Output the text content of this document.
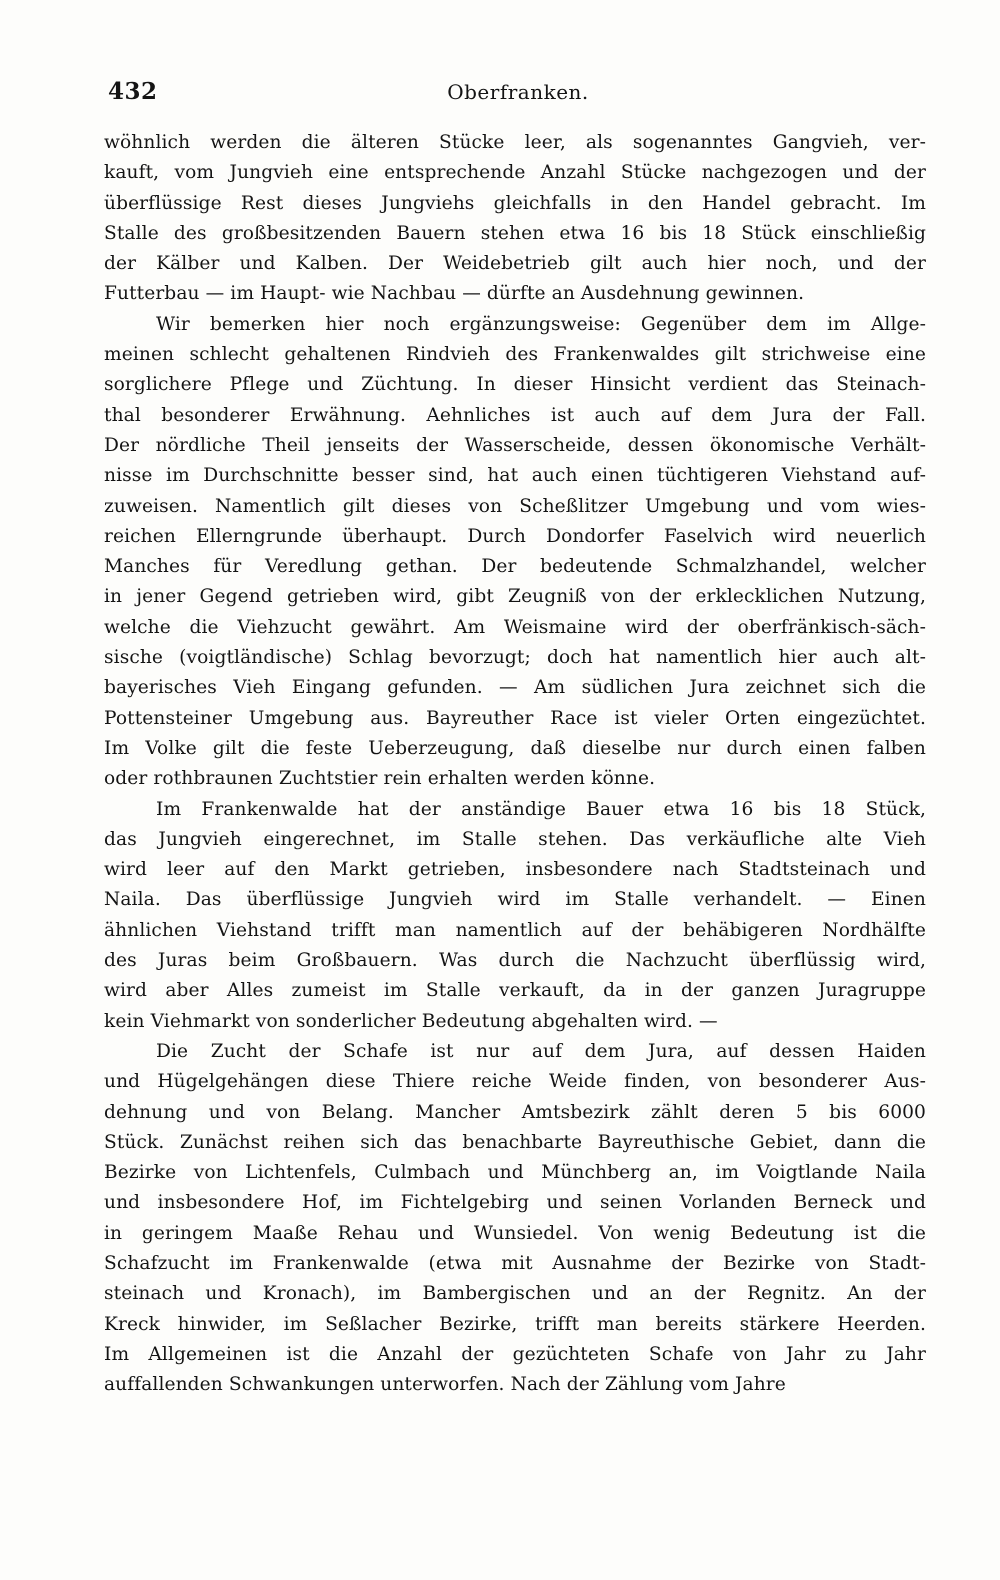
432	Oberfranken.
wöhnlich werden die älteren Stücke leer, als sogenanntes Gangvieh, ver-
kauft, vom Jungvieh eine entsprechende Anzahl Stücke nachgezogen und der
überflüssige Rest dieses Jungviehs gleichfalls in den Handel gebracht. Im
Stalle des großbesitzenden Bauern stehen etwa 16 bis 18 Stück einschließig
der Kälber und Kalben. Der Weidebetrieb gilt auch hier noch, und der
Futterbau — im Haupt- wie Nachbau — dürfte an Ausdehnung gewinnen.
Wir bemerken hier noch ergänzungsweise: Gegenüber dem im Allge-
meinen schlecht gehaltenen Rindvieh des Frankenwaldes gilt strichweise eine
sorglichere Pflege und Züchtung. In dieser Hinsicht verdient das Steinach-
thal besonderer Erwähnung. Aehnliches ist auch auf dem Jura der Fall.
Der nördliche Theil jenseits der Wasserscheide, dessen ökonomische Verhält-
nisse im Durchschnitte besser sind, hat auch einen tüchtigeren Viehstand auf-
zuweisen. Namentlich gilt dieses von Scheßlitzer Umgebung und vom wies-
reichen Ellerngrunde überhaupt. Durch Dondorfer Faselvich wird neuerlich
Manches für Veredlung gethan. Der bedeutende Schmalzhandel, welcher
in jener Gegend getrieben wird, gibt Zeugniß von der erklecklichen Nutzung,
welche die Viehzucht gewährt. Am Weismaine wird der oberfränkisch-säch-
sische (voigtländische) Schlag bevorzugt; doch hat namentlich hier auch alt-
bayerisches Vieh Eingang gefunden. — Am südlichen Jura zeichnet sich die
Pottensteiner Umgebung aus. Bayreuther Race ist vieler Orten eingezüchtet.
Im Volke gilt die feste Ueberzeugung, daß dieselbe nur durch einen falben
oder rothbraunen Zuchtstier rein erhalten werden könne.
Im Frankenwalde hat der anständige Bauer etwa 16 bis 18 Stück,
das Jungvieh eingerechnet, im Stalle stehen. Das verkäufliche alte Vieh
wird leer auf den Markt getrieben, insbesondere nach Stadtsteinach und
Naila. Das überflüssige Jungvieh wird im Stalle verhandelt. — Einen
ähnlichen Viehstand trifft man namentlich auf der behäbigeren Nordhälfte
des Juras beim Großbauern. Was durch die Nachzucht überflüssig wird,
wird aber Alles zumeist im Stalle verkauft, da in der ganzen Juragruppe
kein Viehmarkt von sonderlicher Bedeutung abgehalten wird. —
Die Zucht der Schafe ist nur auf dem Jura, auf dessen Haiden
und Hügelgehängen diese Thiere reiche Weide finden, von besonderer Aus-
dehnung und von Belang. Mancher Amtsbezirk zählt deren 5 bis 6000
Stück. Zunächst reihen sich das benachbarte Bayreuthische Gebiet, dann die
Bezirke von Lichtenfels, Culmbach und Münchberg an, im Voigtlande Naila
und insbesondere Hof, im Fichtelgebirg und seinen Vorlanden Berneck und
in geringem Maaße Rehau und Wunsiedel. Von wenig Bedeutung ist die
Schafzucht im Frankenwalde (etwa mit Ausnahme der Bezirke von Stadt-
steinach und Kronach), im Bambergischen und an der Regnitz. An der
Kreck hinwider, im Seßlacher Bezirke, trifft man bereits stärkere Heerden.
Im Allgemeinen ist die Anzahl der gezüchteten Schafe von Jahr zu Jahr
auffallenden Schwankungen unterworfen. Nach der Zählung vom Jahre
